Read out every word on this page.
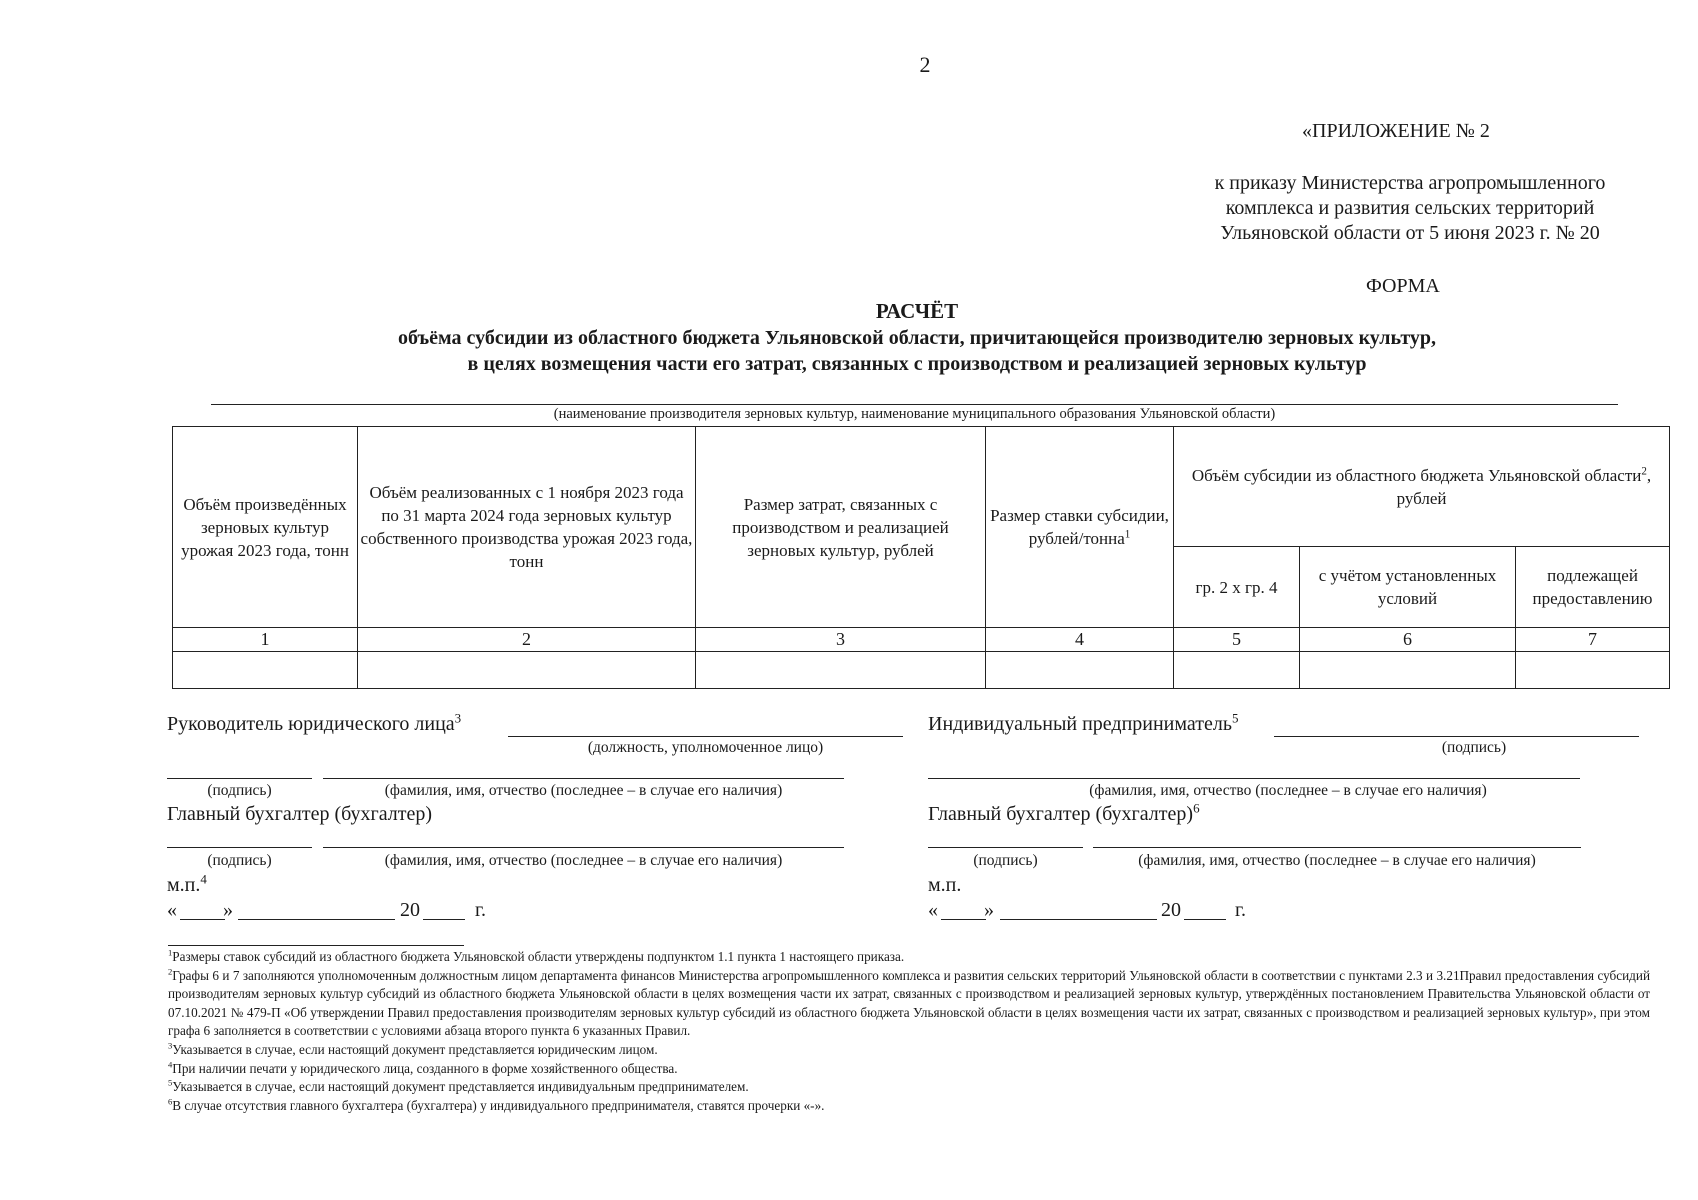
2
«ПРИЛОЖЕНИЕ № 2
к приказу Министерства агропромышленного
комплекса и развития сельских территорий
Ульяновской области от 5 июня 2023 г. № 20
ФОРМА
РАСЧЁТ
объёма субсидии из областного бюджета Ульяновской области, причитающейся производителю зерновых культур,
в целях возмещения части его затрат, связанных с производством и реализацией зерновых культур
(наименование производителя зерновых культур, наименование муниципального образования Ульяновской области)
Объём произведённых зерновых культур урожая 2023 года, тонн	Объём реализованных с 1 ноября 2023 года по 31 марта 2024 года зерновых культур собственного производства урожая 2023 года, тонн	Размер затрат, связанных с производством и реализацией зерновых культур, рублей	Размер ставки субсидии, рублей/тонна$^1$	Объём субсидии из областного бюджета Ульяновской области$^2$, рублей		
				гр. 2 х гр. 4	с учётом установленных условий	подлежащей предоставлению
1	2	3	4	5	6	7

Руководитель юридического лица$^3$
(должность, уполномоченное лицо)
(подпись)	(фамилия, имя, отчество (последнее – в случае его наличия)
Главный бухгалтер (бухгалтер)
(подпись)	(фамилия, имя, отчество (последнее – в случае его наличия)
м.п.$^4$
« »	20	г.
Индивидуальный предприниматель$^5$
(подпись)
(фамилия, имя, отчество (последнее – в случае его наличия)
Главный бухгалтер (бухгалтер)$^6$
(подпись)	(фамилия, имя, отчество (последнее – в случае его наличия)
м.п.
« »	20	г.

$^1$Размеры ставок субсидий из областного бюджета Ульяновской области утверждены подпунктом 1.1 пункта 1 настоящего приказа.

$^2$Графы 6 и 7 заполняются уполномоченным должностным лицом департамента финансов Министерства агропромышленного комплекса и развития сельских территорий Ульяновской области в соответствии с пунктами 2.3 и 3.21Правил предоставления субсидий производителям зерновых культур субсидий из областного бюджета Ульяновской области в целях возмещения части их затрат, связанных с производством и реализацией зерновых культур, утверждённых постановлением Правительства Ульяновской области от 07.10.2021 № 479-П «Об утверждении Правил предоставления производителям зерновых культур субсидий из областного бюджета Ульяновской области в целях возмещения части их затрат, связанных с производством и реализацией зерновых культур», при этом графа 6 заполняется в соответствии с условиями абзаца второго пункта 6 указанных Правил.

$^3$Указывается в случае, если настоящий документ представляется юридическим лицом.

$^4$При наличии печати у юридического лица, созданного в форме хозяйственного общества.

$^5$Указывается в случае, если настоящий документ представляется индивидуальным предпринимателем.

$^6$В случае отсутствия главного бухгалтера (бухгалтера) у индивидуального предпринимателя, ставятся прочерки «-».
